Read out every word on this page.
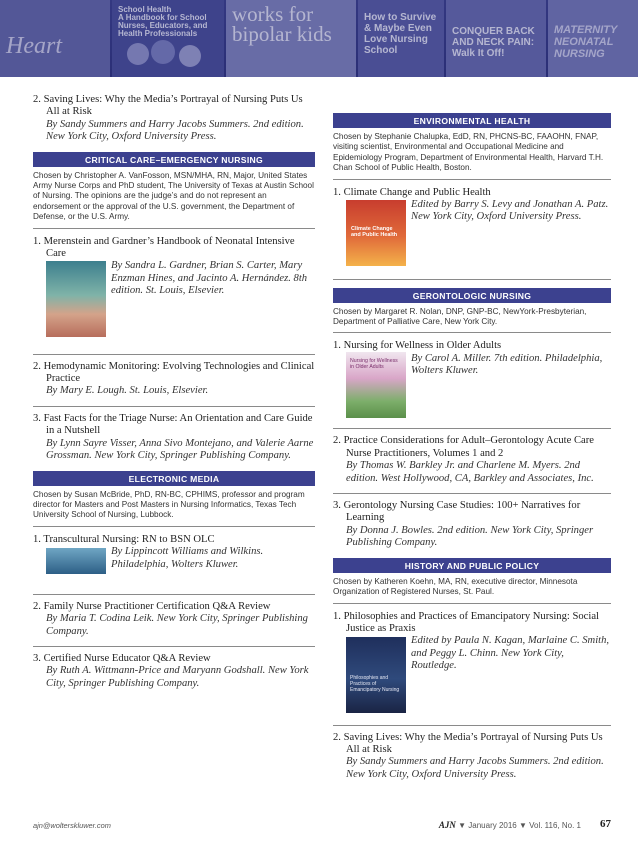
Heart
School Health
A Handbook for School Nurses, Educators, and Health Professionals
works for bipolar kids
How to Survive & Maybe Even Love Nursing School
CONQUER BACK AND NECK PAIN: Walk It Off!
MATERNITY NEONATAL NURSING
2. Saving Lives: Why the Media’s Portrayal of Nursing Puts Us All at Risk
By Sandy Summers and Harry Jacobs Summers. 2nd edition. New York City, Oxford University Press.
CRITICAL CARE–EMERGENCY NURSING
Chosen by Christopher A. VanFosson, MSN/MHA, RN, Major, United States Army Nurse Corps and PhD student, The University of Texas at Austin School of Nursing. The opinions are the judge’s and do not represent an endorsement or the approval of the U.S. government, the Department of Defense, or the U.S. Army.
1. Merenstein and Gardner’s Handbook of Neonatal Intensive Care
By Sandra L. Gardner, Brian S. Carter, Mary Enzman Hines, and Jacinto A. Hernández. 8th edition. St. Louis, Elsevier.
2. Hemodynamic Monitoring: Evolving Technologies and Clinical Practice
By Mary E. Lough. St. Louis, Elsevier.
3. Fast Facts for the Triage Nurse: An Orientation and Care Guide in a Nutshell
By Lynn Sayre Visser, Anna Sivo Montejano, and Valerie Aarne Grossman. New York City, Springer Publishing Company.
ELECTRONIC MEDIA
Chosen by Susan McBride, PhD, RN-BC, CPHIMS, professor and program director for Masters and Post Masters in Nursing Informatics, Texas Tech University School of Nursing, Lubbock.
1. Transcultural Nursing: RN to BSN OLC
By Lippincott Williams and Wilkins. Philadelphia, Wolters Kluwer.
2. Family Nurse Practitioner Certification Q&A Review
By Maria T. Codina Leik. New York City, Springer Publishing Company.
3. Certified Nurse Educator Q&A Review
By Ruth A. Wittmann-Price and Maryann Godshall. New York City, Springer Publishing Company.
ENVIRONMENTAL HEALTH
Chosen by Stephanie Chalupka, EdD, RN, PHCNS-BC, FAAOHN, FNAP, visiting scientist, Environmental and Occupational Medicine and Epidemiology Program, Department of Environmental Health, Harvard T.H. Chan School of Public Health, Boston.
1. Climate Change and Public Health
Climate Change and Public Health
Edited by Barry S. Levy and Jonathan A. Patz. New York City, Oxford University Press.
GERONTOLOGIC NURSING
Chosen by Margaret R. Nolan, DNP, GNP-BC, NewYork-Presbyterian, Department of Palliative Care, New York City.
1. Nursing for Wellness in Older Adults
Nursing for Wellness in Older Adults
By Carol A. Miller. 7th edition. Philadelphia, Wolters Kluwer.
2. Practice Considerations for Adult–Gerontology Acute Care Nurse Practitioners, Volumes 1 and 2
By Thomas W. Barkley Jr. and Charlene M. Myers. 2nd edition. West Hollywood, CA, Barkley and Associates, Inc.
3. Gerontology Nursing Case Studies: 100+ Narratives for Learning
By Donna J. Bowles. 2nd edition. New York City, Springer Publishing Company.
HISTORY AND PUBLIC POLICY
Chosen by Katheren Koehn, MA, RN, executive director, Minnesota Organization of Registered Nurses, St. Paul.
1. Philosophies and Practices of Emancipatory Nursing: Social Justice as Praxis
Philosophies and Practices of Emancipatory Nursing
Edited by Paula N. Kagan, Marlaine C. Smith, and Peggy L. Chinn. New York City, Routledge.
2. Saving Lives: Why the Media’s Portrayal of Nursing Puts Us All at Risk
By Sandy Summers and Harry Jacobs Summers. 2nd edition. New York City, Oxford University Press.
ajn@wolterskluwer.com	AJN ▼ January 2016 ▼ Vol. 116, No. 1 67
